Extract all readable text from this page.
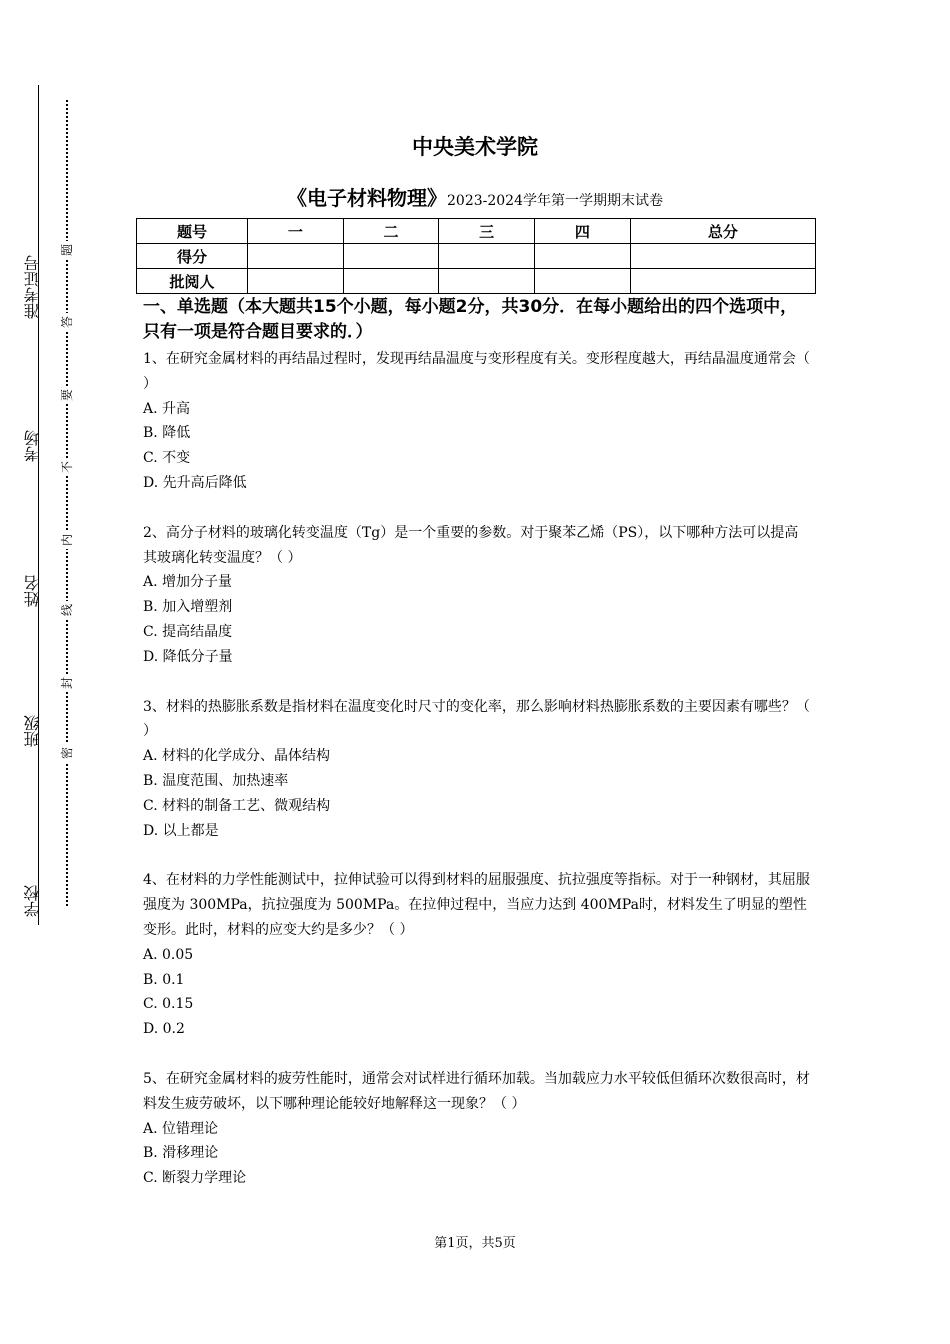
准考证号
考场
姓名
班级
学校
题
答
要
不
内
线
封
密
中央美术学院
《电子材料物理》2023-2024学年第一学期期末试卷
题号	一	二	三	四	总分
得分					
批阅人					

一、单选题（本大题共15个小题，每小题2分，共30分．在每小题给出的四个选项中，只有一项是符合题目要求的．）

1、在研究金属材料的再结晶过程时，发现再结晶温度与变形程度有关。变形程度越大，再结晶温度通常会（ ）

A. 升高

B. 降低

C. 不变

D. 先升高后降低

2、高分子材料的玻璃化转变温度（Tg）是一个重要的参数。对于聚苯乙烯（PS），以下哪种方法可以提高其玻璃化转变温度？（ ）

A. 增加分子量

B. 加入增塑剂

C. 提高结晶度

D. 降低分子量

3、材料的热膨胀系数是指材料在温度变化时尺寸的变化率，那么影响材料热膨胀系数的主要因素有哪些？（ ）

A. 材料的化学成分、晶体结构

B. 温度范围、加热速率

C. 材料的制备工艺、微观结构

D. 以上都是

4、在材料的力学性能测试中，拉伸试验可以得到材料的屈服强度、抗拉强度等指标。对于一种钢材，其屈服强度为 300MPa，抗拉强度为 500MPa。在拉伸过程中，当应力达到 400MPa时，材料发生了明显的塑性变形。此时，材料的应变大约是多少？（ ）

A. 0.05

B. 0.1

C. 0.15

D. 0.2

5、在研究金属材料的疲劳性能时，通常会对试样进行循环加载。当加载应力水平较低但循环次数很高时，材料发生疲劳破坏，以下哪种理论能较好地解释这一现象？（ ）

A. 位错理论

B. 滑移理论

C. 断裂力学理论

第1页，共5页
